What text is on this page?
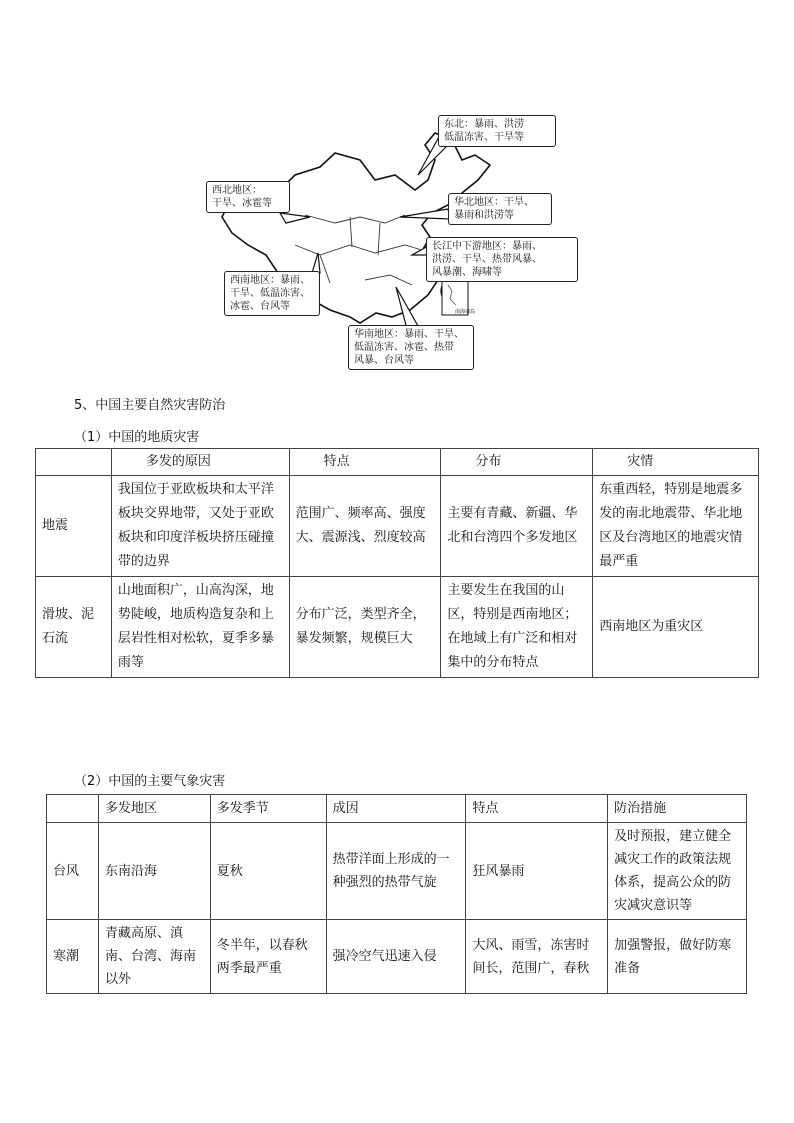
南海诸岛
东北：暴雨、洪涝
低温冻害、干旱等
西北地区：
干旱、冰雹等	华北地区：干旱、
暴雨和洪涝等
长江中下游地区：暴雨、
洪涝、干旱、热带风暴、
风暴潮、海啸等
西南地区：暴雨、
干旱、低温冻害、
冰雹、台风等
华南地区：暴雨、干旱、
低温冻害、冰雹、热带
风暴、台风等
5、中国主要自然灾害防治
（1）中国的地质灾害
	多发的原因	特点	分布	灾情
地震	我国位于亚欧板块和太平洋板块交界地带，又处于亚欧板块和印度洋板块挤压碰撞带的边界	范围广、频率高、强度大、震源浅、烈度较高	主要有青藏、新疆、华北和台湾四个多发地区	东重西轻，特别是地震多发的南北地震带、华北地区及台湾地区的地震灾情最严重
滑坡、泥石流	山地面积广，山高沟深，地势陡峻，地质构造复杂和上层岩性相对松软，夏季多暴雨等	分布广泛，类型齐全，暴发频繁，规模巨大	主要发生在我国的山区，特别是西南地区；在地域上有广泛和相对集中的分布特点	西南地区为重灾区
（2）中国的主要气象灾害
	多发地区	多发季节	成因	特点	防治措施
台风	东南沿海	夏秋	热带洋面上形成的一种强烈的热带气旋	狂风暴雨	及时预报，建立健全减灾工作的政策法规体系，提高公众的防灾减灾意识等
寒潮	青藏高原、滇南、台湾、海南以外	冬半年，以春秋两季最严重	强冷空气迅速入侵	大风、雨雪，冻害时间长，范围广，春秋	加强警报，做好防寒准备
